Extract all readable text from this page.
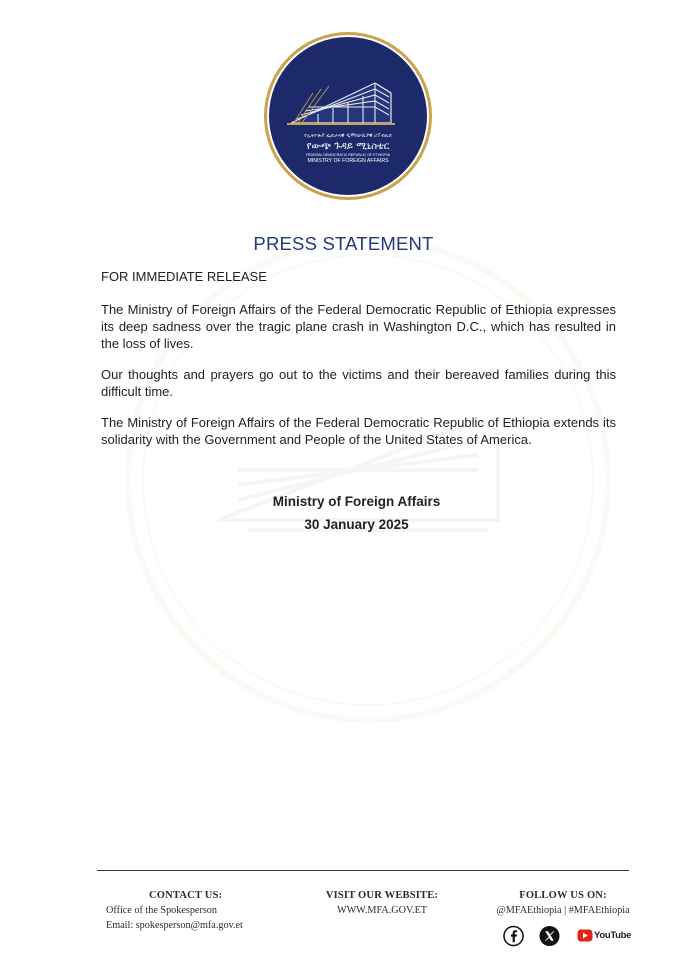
የኢትዮጵያ ፌዴራላዊ ዲሞክራሲያዊ ሪፐብሊክ
የውጭ ጉዳይ ሚኒስቴር
FEDERAL DEMOCRATIC REPUBLIC OF ETHIOPIA
MINISTRY OF FOREIGN AFFAIRS
PRESS STATEMENT
FOR IMMEDIATE RELEASE

The Ministry of Foreign Affairs of the Federal Democratic Republic of Ethiopia expresses its deep sadness over the tragic plane crash in Washington D.C., which has resulted in the loss of lives.

Our thoughts and prayers go out to the victims and their bereaved families during this difficult time.

The Ministry of Foreign Affairs of the Federal Democratic Republic of Ethiopia extends its solidarity with the Government and People of the United States of America.

Ministry of Foreign Affairs
30 January 2025
CONTACT US:
Office of the Spokesperson
Email: spokesperson@mfa.gov.et
VISIT OUR WEBSITE:
WWW.MFA.GOV.ET
FOLLOW US ON:
@MFAEthiopia | #MFAEthiopia
YouTube
